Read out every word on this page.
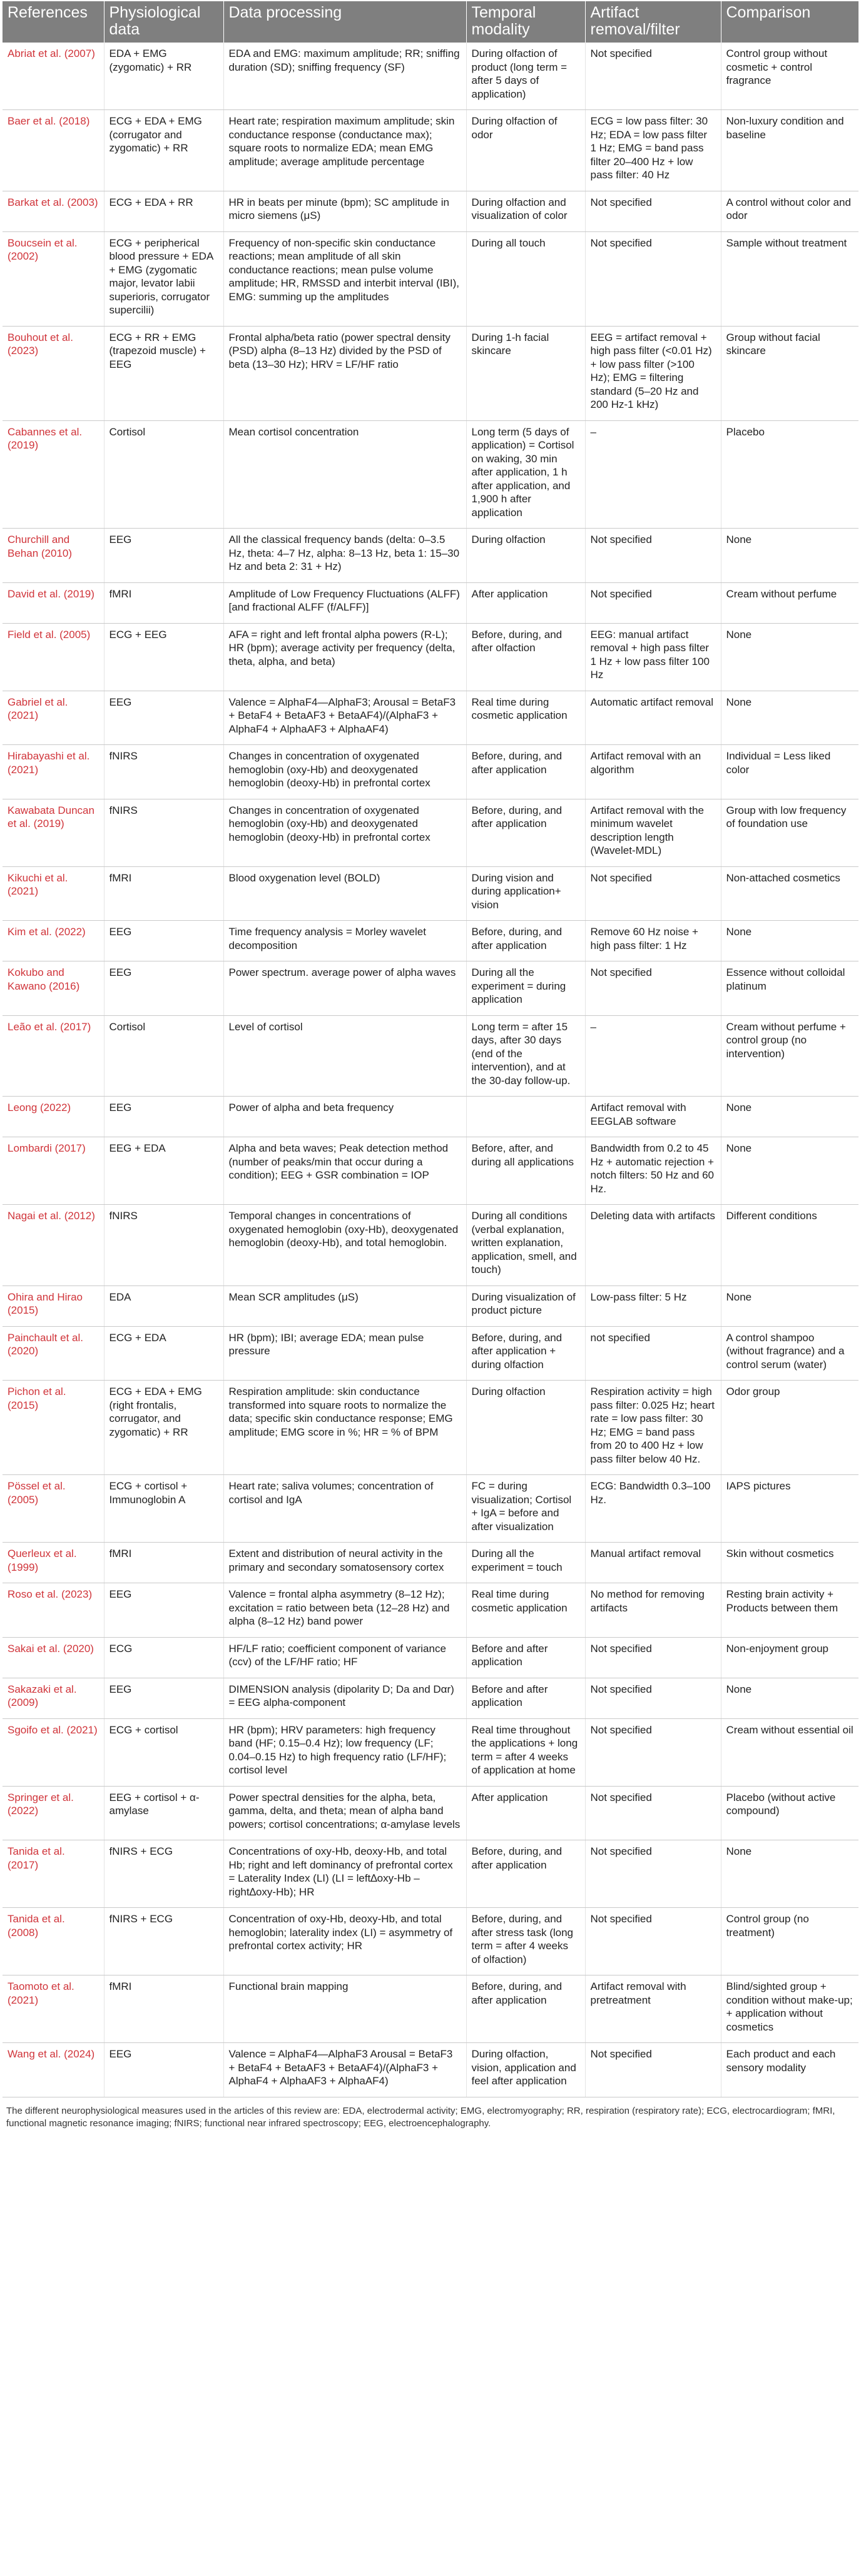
References	Physiological data	Data processing	Temporal modality	Artifact removal/filter	Comparison
Abriat et al. (2007)	EDA + EMG (zygomatic) + RR	EDA and EMG: maximum amplitude; RR; sniffing duration (SD); sniffing frequency (SF)	During olfaction of product (long term = after 5 days of application)	Not specified	Control group without cosmetic + control fragrance
Baer et al. (2018)	ECG + EDA + EMG (corrugator and zygomatic) + RR	Heart rate; respiration maximum amplitude; skin conductance response (conductance max); square roots to normalize EDA; mean EMG amplitude; average amplitude percentage	During olfaction of odor	ECG = low pass filter: 30 Hz; EDA = low pass filter 1 Hz; EMG = band pass filter 20–400 Hz + low pass filter: 40 Hz	Non-luxury condition and baseline
Barkat et al. (2003)	ECG + EDA + RR	HR in beats per minute (bpm); SC amplitude in micro siemens (μS)	During olfaction and visualization of color	Not specified	A control without color and odor
Boucsein et al. (2002)	ECG + peripherical blood pressure + EDA + EMG (zygomatic major, levator labii superioris, corrugator supercilii)	Frequency of non-specific skin conductance reactions; mean amplitude of all skin conductance reactions; mean pulse volume amplitude; HR, RMSSD and interbit interval (IBI), EMG: summing up the amplitudes	During all touch	Not specified	Sample without treatment
Bouhout et al. (2023)	ECG + RR + EMG (trapezoid muscle) + EEG	Frontal alpha/beta ratio (power spectral density (PSD) alpha (8–13 Hz) divided by the PSD of beta (13–30 Hz); HRV = LF/HF ratio	During 1-h facial skincare	EEG = artifact removal + high pass filter (<0.01 Hz) + low pass filter (>100 Hz); EMG = filtering standard (5–20 Hz and 200 Hz-1 kHz)	Group without facial skincare
Cabannes et al. (2019)	Cortisol	Mean cortisol concentration	Long term (5 days of application) = Cortisol on waking, 30 min after application, 1 h after application, and 1,900 h after application	–	Placebo
Churchill and Behan (2010)	EEG	All the classical frequency bands (delta: 0–3.5 Hz, theta: 4–7 Hz, alpha: 8–13 Hz, beta 1: 15–30 Hz and beta 2: 31 + Hz)	During olfaction	Not specified	None
David et al. (2019)	fMRI	Amplitude of Low Frequency Fluctuations (ALFF) [and fractional ALFF (f/ALFF)]	After application	Not specified	Cream without perfume
Field et al. (2005)	ECG + EEG	AFA = right and left frontal alpha powers (R-L); HR (bpm); average activity per frequency (delta, theta, alpha, and beta)	Before, during, and after olfaction	EEG: manual artifact removal + high pass filter 1 Hz + low pass filter 100 Hz	None
Gabriel et al. (2021)	EEG	Valence = AlphaF4—AlphaF3; Arousal = BetaF3 + BetaF4 + BetaAF3 + BetaAF4)/(AlphaF3 + AlphaF4 + AlphaAF3 + AlphaAF4)	Real time during cosmetic application	Automatic artifact removal	None
Hirabayashi et al. (2021)	fNIRS	Changes in concentration of oxygenated hemoglobin (oxy-Hb) and deoxygenated hemoglobin (deoxy-Hb) in prefrontal cortex	Before, during, and after application	Artifact removal with an algorithm	Individual = Less liked color
Kawabata Duncan et al. (2019)	fNIRS	Changes in concentration of oxygenated hemoglobin (oxy-Hb) and deoxygenated hemoglobin (deoxy-Hb) in prefrontal cortex	Before, during, and after application	Artifact removal with the minimum wavelet description length (Wavelet-MDL)	Group with low frequency of foundation use
Kikuchi et al. (2021)	fMRI	Blood oxygenation level (BOLD)	During vision and during application+ vision	Not specified	Non-attached cosmetics
Kim et al. (2022)	EEG	Time frequency analysis = Morley wavelet decomposition	Before, during, and after application	Remove 60 Hz noise + high pass filter: 1 Hz	None
Kokubo and Kawano (2016)	EEG	Power spectrum. average power of alpha waves	During all the experiment = during application	Not specified	Essence without colloidal platinum
Leão et al. (2017)	Cortisol	Level of cortisol	Long term = after 15 days, after 30 days (end of the intervention), and at the 30-day follow-up.	–	Cream without perfume + control group (no intervention)
Leong (2022)	EEG	Power of alpha and beta frequency		Artifact removal with EEGLAB software	None
Lombardi (2017)	EEG + EDA	Alpha and beta waves; Peak detection method (number of peaks/min that occur during a condition); EEG + GSR combination = IOP	Before, after, and during all applications	Bandwidth from 0.2 to 45 Hz + automatic rejection + notch filters: 50 Hz and 60 Hz.	None
Nagai et al. (2012)	fNIRS	Temporal changes in concentrations of oxygenated hemoglobin (oxy-Hb), deoxygenated hemoglobin (deoxy-Hb), and total hemoglobin.	During all conditions (verbal explanation, written explanation, application, smell, and touch)	Deleting data with artifacts	Different conditions
Ohira and Hirao (2015)	EDA	Mean SCR amplitudes (μS)	During visualization of product picture	Low-pass filter: 5 Hz	None
Painchault et al. (2020)	ECG + EDA	HR (bpm); IBI; average EDA; mean pulse pressure	Before, during, and after application + during olfaction	not specified	A control shampoo (without fragrance) and a control serum (water)
Pichon et al. (2015)	ECG + EDA + EMG (right frontalis, corrugator, and zygomatic) + RR	Respiration amplitude: skin conductance transformed into square roots to normalize the data; specific skin conductance response; EMG amplitude; EMG score in %; HR = % of BPM	During olfaction	Respiration activity = high pass filter: 0.025 Hz; heart rate = low pass filter: 30 Hz; EMG = band pass from 20 to 400 Hz + low pass filter below 40 Hz.	Odor group
Pössel et al. (2005)	ECG + cortisol + Immunoglobin A	Heart rate; saliva volumes; concentration of cortisol and IgA	FC = during visualization; Cortisol + IgA = before and after visualization	ECG: Bandwidth 0.3–100 Hz.	IAPS pictures
Querleux et al. (1999)	fMRI	Extent and distribution of neural activity in the primary and secondary somatosensory cortex	During all the experiment = touch	Manual artifact removal	Skin without cosmetics
Roso et al. (2023)	EEG	Valence = frontal alpha asymmetry (8–12 Hz); excitation = ratio between beta (12–28 Hz) and alpha (8–12 Hz) band power	Real time during cosmetic application	No method for removing artifacts	Resting brain activity + Products between them
Sakai et al. (2020)	ECG	HF/LF ratio; coefficient component of variance (ccv) of the LF/HF ratio; HF	Before and after application	Not specified	Non-enjoyment group
Sakazaki et al. (2009)	EEG	DIMENSION analysis (dipolarity D; Da and Dαr) = EEG alpha-component	Before and after application	Not specified	None
Sgoifo et al. (2021)	ECG + cortisol	HR (bpm); HRV parameters: high frequency band (HF; 0.15–0.4 Hz); low frequency (LF; 0.04–0.15 Hz) to high frequency ratio (LF/HF); cortisol level	Real time throughout the applications + long term = after 4 weeks of application at home	Not specified	Cream without essential oil
Springer et al. (2022)	EEG + cortisol + α-amylase	Power spectral densities for the alpha, beta, gamma, delta, and theta; mean of alpha band powers; cortisol concentrations; α-amylase levels	After application	Not specified	Placebo (without active compound)
Tanida et al. (2017)	fNIRS + ECG	Concentrations of oxy-Hb, deoxy-Hb, and total Hb; right and left dominancy of prefrontal cortex = Laterality Index (LI) (LI = left∆oxy-Hb – right∆oxy-Hb); HR	Before, during, and after application	Not specified	None
Tanida et al. (2008)	fNIRS + ECG	Concentration of oxy-Hb, deoxy-Hb, and total hemoglobin; laterality index (LI) = asymmetry of prefrontal cortex activity; HR	Before, during, and after stress task (long term = after 4 weeks of olfaction)	Not specified	Control group (no treatment)
Taomoto et al. (2021)	fMRI	Functional brain mapping	Before, during, and after application	Artifact removal with pretreatment	Blind/sighted group + condition without make-up; + application without cosmetics
Wang et al. (2024)	EEG	Valence = AlphaF4—AlphaF3 Arousal = BetaF3 + BetaF4 + BetaAF3 + BetaAF4)/(AlphaF3 + AlphaF4 + AlphaAF3 + AlphaAF4)	During olfaction, vision, application and feel after application	Not specified	Each product and each sensory modality
The different neurophysiological measures used in the articles of this review are: EDA, electrodermal activity; EMG, electromyography; RR, respiration (respiratory rate); ECG, electrocardiogram; fMRI, functional magnetic resonance imaging; fNIRS; functional near infrared spectroscopy; EEG, electroencephalography.
